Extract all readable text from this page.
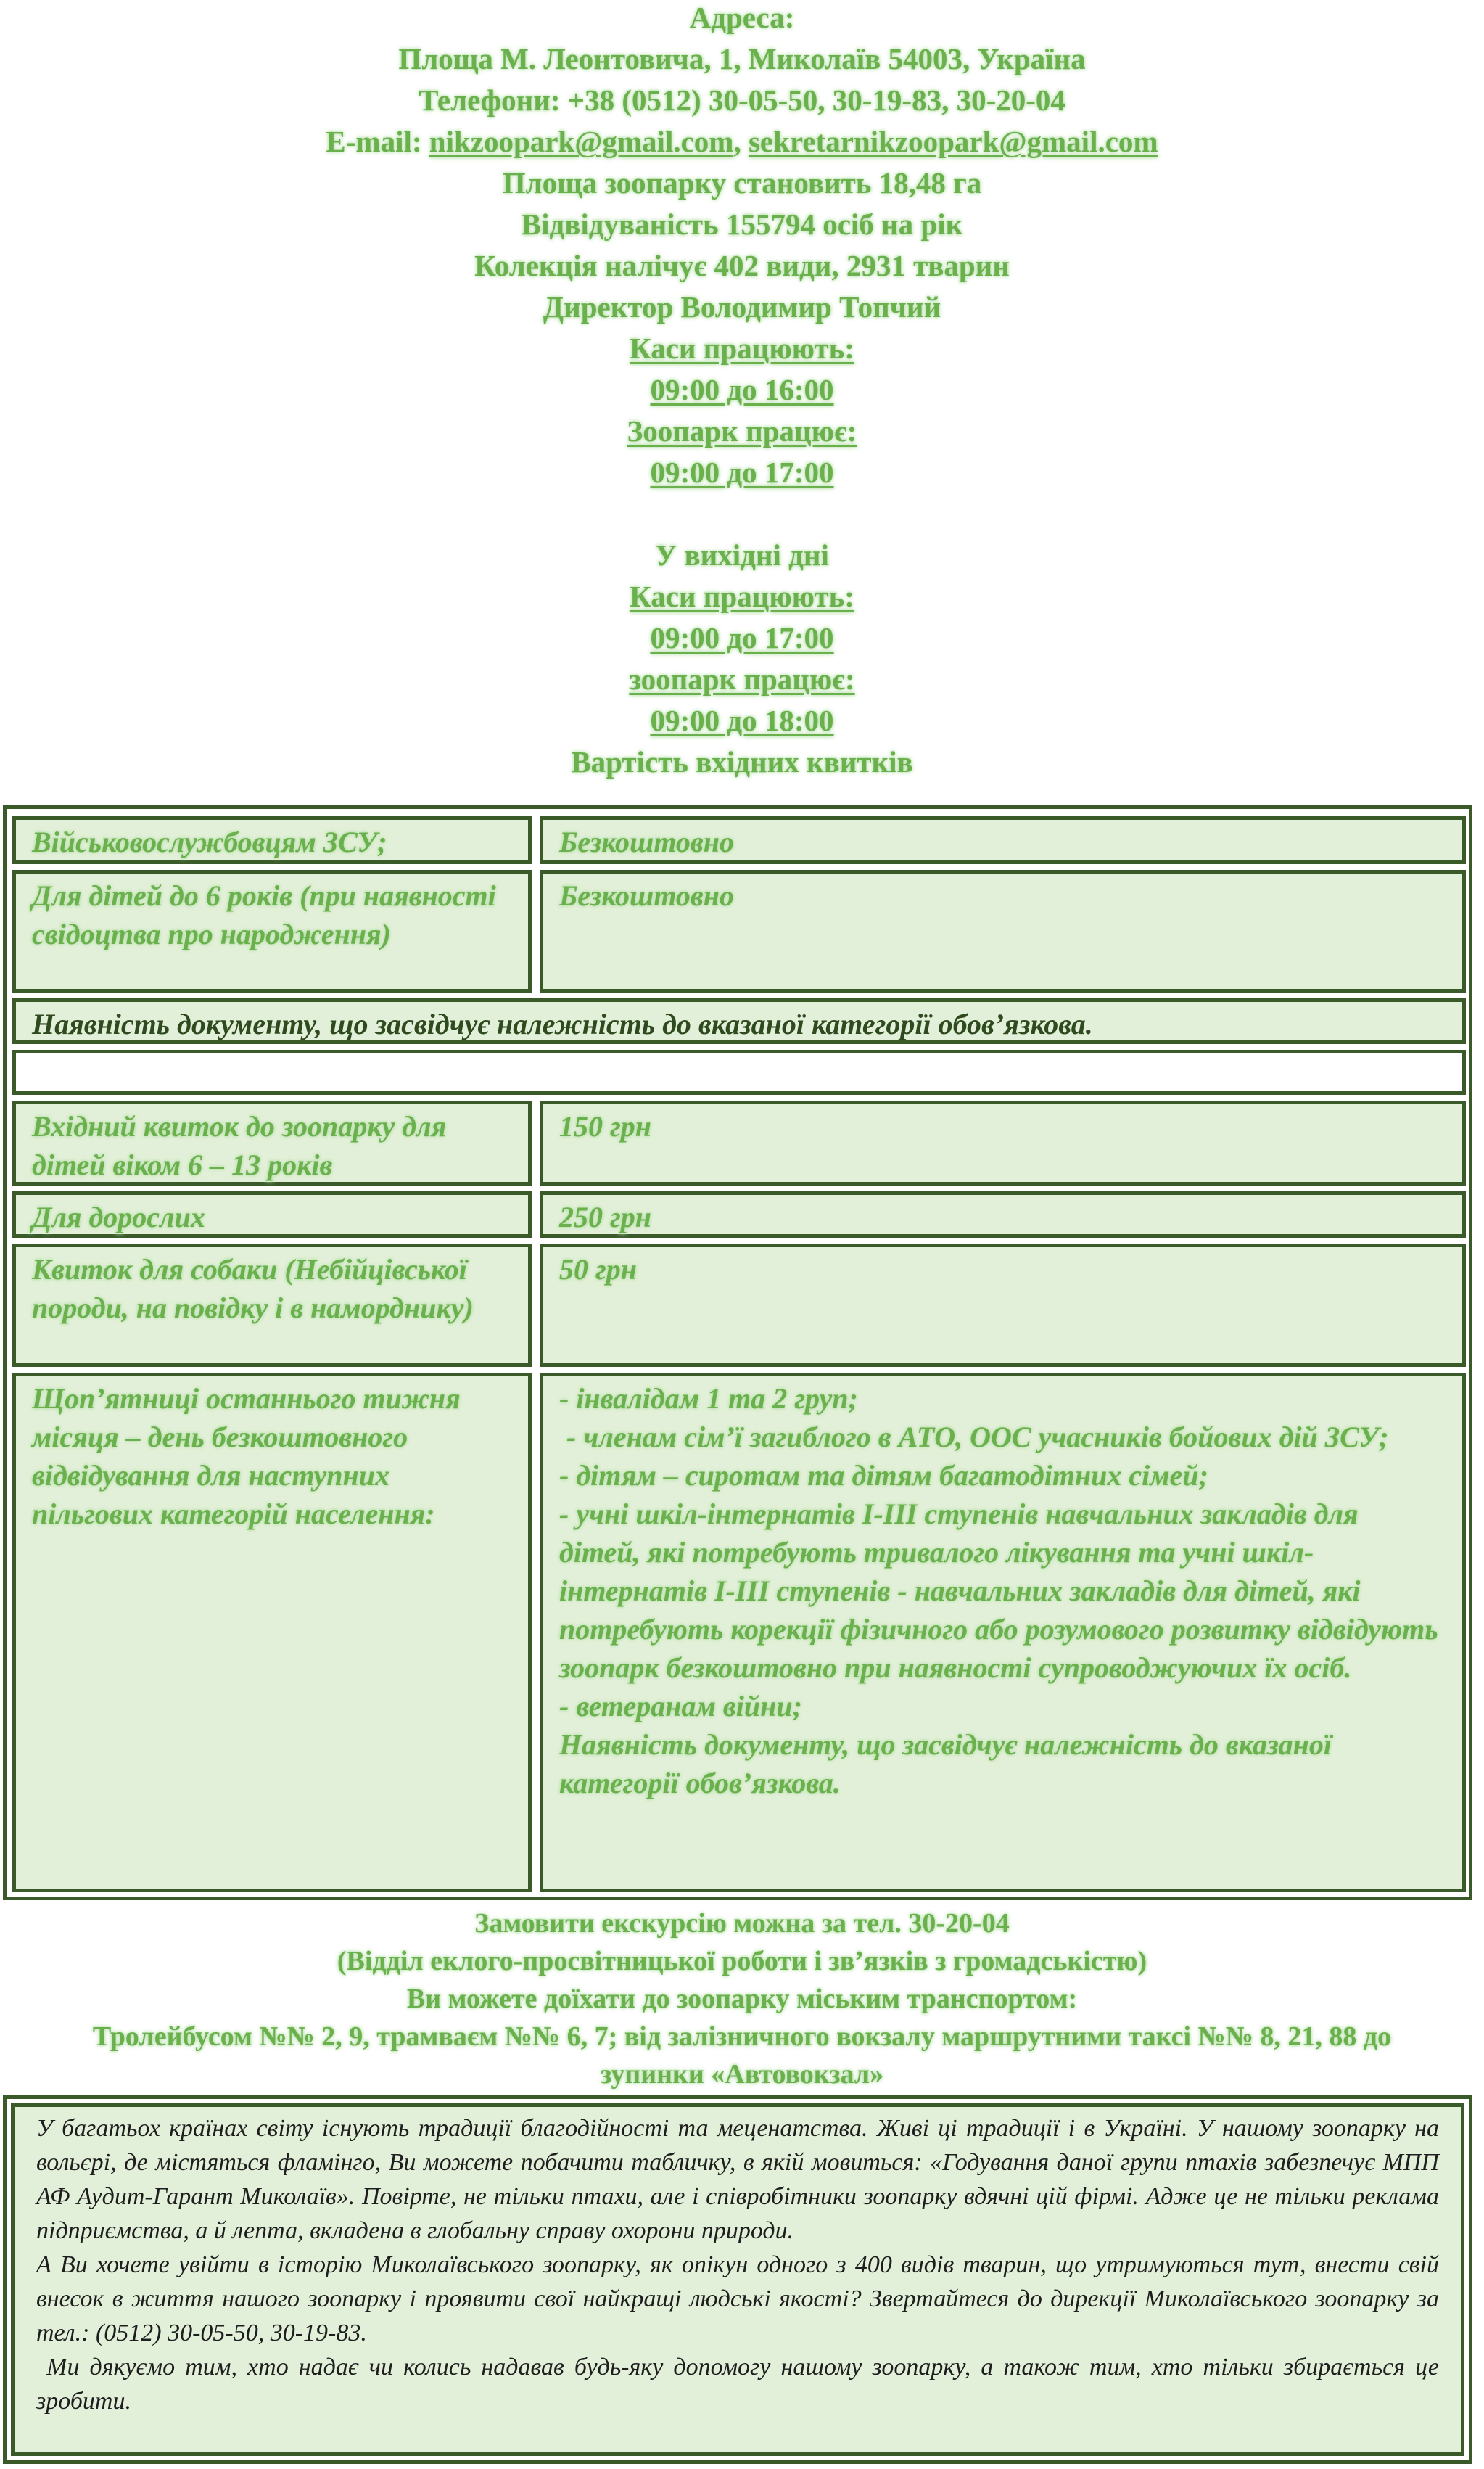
Адреса:
Площа М. Леонтовича, 1, Миколаїв 54003, Україна
Телефони: +38 (0512) 30-05-50, 30-19-83, 30-20-04
E-mail: nikzoopark@gmail.com, sekretarnikzoopark@gmail.com
Площа зоопарку становить 18,48 га
Відвідуваність 155794 осіб на рік
Колекція налічує 402 види, 2931 тварин
Директор Володимир Топчий
Каси працюють:
09:00 до 16:00
Зоопарк працює:
09:00 до 17:00
У вихідні дні
Каси працюють:
09:00 до 17:00
зоопарк працює:
09:00 до 18:00
Вартість вхідних квитків
Військовослужбовцям ЗСУ;	Безкоштовно
Для дітей до 6 років (при наявності свідоцтва про народження)
Безкоштовно
Наявність документу, що засвідчує належність до вказаної категорії обов’язкова.
Вхідний квиток до зоопарку для дітей віком 6 – 13 років
150 грн
Для дорослих	250 грн
Квиток для собаки (Небійцівської породи, на повідку і в наморднику)
50 грн
Щоп’ятниці останнього тижня місяця – день безкоштовного відвідування для наступних пільгових категорій населення:
- інвалідам 1 та 2 груп;
- членам сім’ї загиблого в АТО, ООС учасників бойових дій ЗСУ;
- дітям – сиротам та дітям багатодітних сімей;
- учні шкіл-інтернатів І-ІІІ ступенів навчальних закладів для дітей, які потребують тривалого лікування та учні шкіл-інтернатів І-ІІІ ступенів - навчальних закладів для дітей, які потребують корекції фізичного або розумового розвитку відвідують зоопарк безкоштовно при наявності супроводжуючих їх осіб.
- ветеранам війни;
Наявність документу, що засвідчує належність до вказаної категорії обов’язкова.
Замовити екскурсію можна за тел. 30-20-04
(Відділ еклого-просвітницької роботи і зв’язків з громадськістю)
Ви можете доїхати до зоопарку міським транспортом:
Тролейбусом №№ 2, 9, трамваєм №№ 6, 7; від залізничного вокзалу маршрутними таксі №№ 8, 21, 88 до
зупинки «Автовокзал»

У багатьох країнах світу існують традиції благодійності та меценатства. Живі ці традиції і в Україні. У нашому зоопарку на вольєрі, де містяться фламінго, Ви можете побачити табличку, в якій мовиться: «Годування даної групи птахів забезпечує МПП АФ Аудит-Гарант Миколаїв». Повірте, не тільки птахи, але і співробітники зоопарку вдячні цій фірмі. Адже це не тільки реклама підприємства, а й лепта, вкладена в глобальну справу охорони природи.

А Ви хочете увійти в історію Миколаївського зоопарку, як опікун одного з 400 видів тварин, що утримуються тут, внести свій внесок в життя нашого зоопарку і проявити свої найкращі людські якості? Звертайтеся до дирекції Миколаївського зоопарку за тел.: (0512) 30-05-50, 30-19-83.

Ми дякуємо тим, хто надає чи колись надавав будь-яку допомогу нашому зоопарку, а також тим, хто тільки збирається це зробити.
